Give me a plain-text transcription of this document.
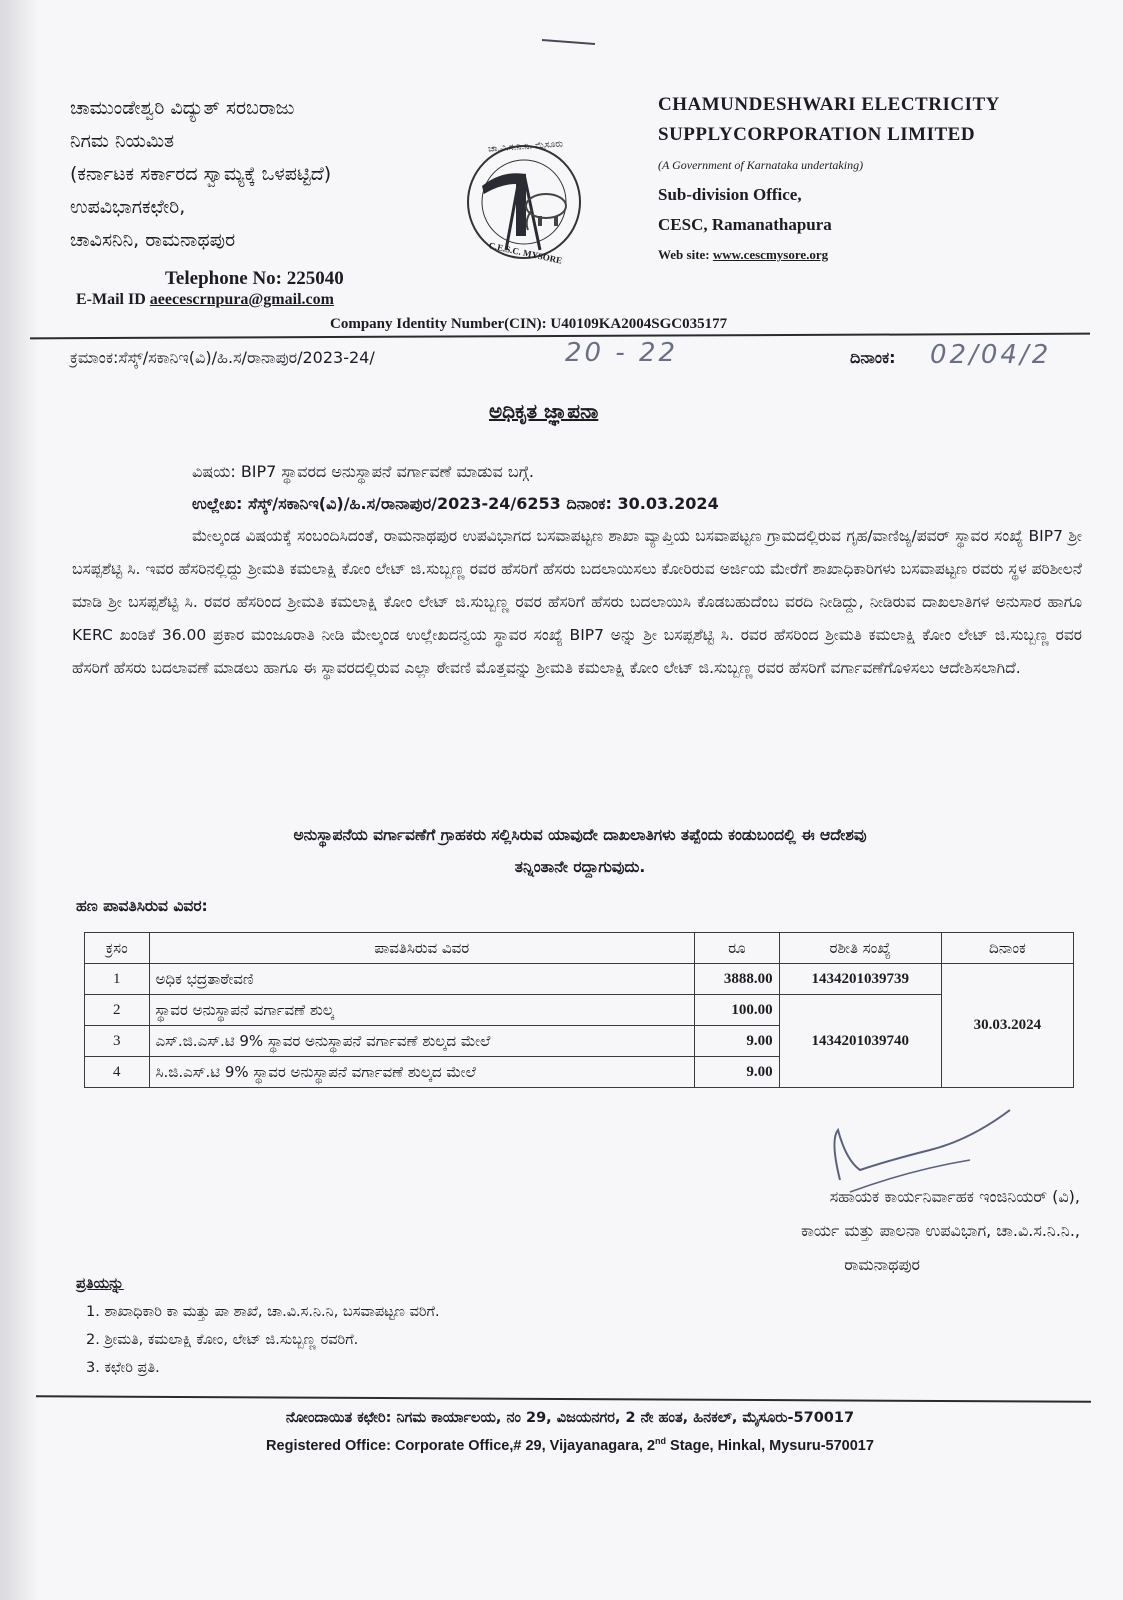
ಚಾಮುಂಡೇಶ್ವರಿ ವಿದ್ಯುತ್ ಸರಬರಾಜು
ನಿಗಮ ನಿಯಮಿತ
(ಕರ್ನಾಟಕ ಸರ್ಕಾರದ ಸ್ವಾಮ್ಯಕ್ಕೆ ಒಳಪಟ್ಟಿದೆ)
ಉಪವಿಭಾಗಕಛೇರಿ,
ಚಾವಿಸನಿನಿ, ರಾಮನಾಥಪುರ
Telephone No: 225040
E-Mail ID aeecescrnpura@gmail.com
ಚಾ.ವಿ.ಸ.ನಿ.ನಿ. ಮೈಸೂರು
C.E.S.C. MYSORE
CHAMUNDESHWARI ELECTRICITY
SUPPLYCORPORATION LIMITED
(A Government of Karnataka undertaking)
Sub-division Office,
CESC, Ramanathapura
Web site: www.cescmysore.org
Company Identity Number(CIN): U40109KA2004SGC035177
ಕ್ರಮಾಂಕ:ಸೆಸ್ಕ್/ಸಕಾನಿಇ(ವಿ)/ಹಿ.ಸ/ರಾನಾಪುರ/2023-24/	20 - 22	ದಿನಾಂಕ: 02/04/2
ಅಧಿಕೃತ ಜ್ಞಾಪನಾ
ವಿಷಯ: BIP7 ಸ್ಥಾವರದ ಅನುಸ್ಥಾಪನೆ ವರ್ಗಾವಣೆ ಮಾಡುವ ಬಗ್ಗೆ.
ಉಲ್ಲೇಖ: ಸೆಸ್ಕ್/ಸಕಾನಿಇ(ವಿ)/ಹಿ.ಸ/ರಾನಾಪುರ/2023-24/6253 ದಿನಾಂಕ: 30.03.2024
ಮೇಲ್ಕಂಡ ವಿಷಯಕ್ಕೆ ಸಂಬಂದಿಸಿದಂತೆ, ರಾಮನಾಥಪುರ ಉಪವಿಭಾಗದ ಬಸವಾಪಟ್ಟಣ ಶಾಖಾ ವ್ಯಾಪ್ತಿಯ ಬಸವಾಪಟ್ಟಣ ಗ್ರಾಮದಲ್ಲಿರುವ ಗೃಹ/ವಾಣಿಜ್ಯ/ಪವರ್ ಸ್ಥಾವರ ಸಂಖ್ಯೆ BIP7 ಶ್ರೀ ಬಸಪ್ಪಶೆಟ್ಟಿ ಸಿ. ಇವರ ಹೆಸರಿನಲ್ಲಿದ್ದು ಶ್ರೀಮತಿ ಕಮಲಾಕ್ಷಿ ಕೋಂ ಲೇಟ್ ಜಿ.ಸುಬ್ಬಣ್ಣ ರವರ ಹೆಸರಿಗೆ ಹೆಸರು ಬದಲಾಯಿಸಲು ಕೋರಿರುವ ಅರ್ಜಿಯ ಮೇರೆಗೆ ಶಾಖಾಧಿಕಾರಿಗಳು ಬಸವಾಪಟ್ಟಣ ರವರು ಸ್ಥಳ ಪರಿಶೀಲನೆ ಮಾಡಿ ಶ್ರೀ ಬಸಪ್ಪಶೆಟ್ಟಿ ಸಿ. ರವರ ಹೆಸರಿಂದ ಶ್ರೀಮತಿ ಕಮಲಾಕ್ಷಿ ಕೋಂ ಲೇಟ್ ಜಿ.ಸುಬ್ಬಣ್ಣ ರವರ ಹೆಸರಿಗೆ ಹೆಸರು ಬದಲಾಯಿಸಿ ಕೊಡಬಹುದೆಂಬ ವರದಿ ನೀಡಿದ್ದು, ನೀಡಿರುವ ದಾಖಲಾತಿಗಳ ಅನುಸಾರ ಹಾಗೂ KERC ಖಂಡಿಕೆ 36.00 ಪ್ರಕಾರ ಮಂಜೂರಾತಿ ನೀಡಿ ಮೇಲ್ಕಂಡ ಉಲ್ಲೇಖದನ್ವಯ ಸ್ಥಾವರ ಸಂಖ್ಯೆ BIP7 ಅನ್ನು ಶ್ರೀ ಬಸಪ್ಪಶೆಟ್ಟಿ ಸಿ. ರವರ ಹೆಸರಿಂದ ಶ್ರೀಮತಿ ಕಮಲಾಕ್ಷಿ ಕೋಂ ಲೇಟ್ ಜಿ.ಸುಬ್ಬಣ್ಣ ರವರ ಹೆಸರಿಗೆ ಹೆಸರು ಬದಲಾವಣೆ ಮಾಡಲು ಹಾಗೂ ಈ ಸ್ಥಾವರದಲ್ಲಿರುವ ಎಲ್ಲಾ ಠೇವಣಿ ಮೊತ್ತವನ್ನು ಶ್ರೀಮತಿ ಕಮಲಾಕ್ಷಿ ಕೋಂ ಲೇಟ್ ಜಿ.ಸುಬ್ಬಣ್ಣ ರವರ ಹೆಸರಿಗೆ ವರ್ಗಾವಣೆಗೊಳಿಸಲು ಆದೇಶಿಸಲಾಗಿದೆ.
ಅನುಸ್ಥಾಪನೆಯ ವರ್ಗಾವಣೆಗೆ ಗ್ರಾಹಕರು ಸಲ್ಲಿಸಿರುವ ಯಾವುದೇ ದಾಖಲಾತಿಗಳು ತಪ್ಪೆಂದು ಕಂಡುಬಂದಲ್ಲಿ ಈ ಆದೇಶವು
ತನ್ನಿಂತಾನೇ ರದ್ದಾಗುವುದು.
ಹಣ ಪಾವತಿಸಿರುವ ವಿವರ:
ಕ್ರಸಂ	ಪಾವತಿಸಿರುವ ವಿವರ	ರೂ	ರಶೀತಿ ಸಂಖ್ಯೆ	ದಿನಾಂಕ
1	ಅಧಿಕ ಭದ್ರತಾಠೇವಣಿ	3888.00	1434201039739	30.03.2024
2	ಸ್ಥಾವರ ಅನುಸ್ಥಾಪನೆ ವರ್ಗಾವಣೆ ಶುಲ್ಕ	100.00	1434201039740	
3	ಎಸ್.ಜಿ.ಎಸ್.ಟಿ 9% ಸ್ಥಾವರ ಅನುಸ್ಥಾಪನೆ ವರ್ಗಾವಣೆ ಶುಲ್ಕದ ಮೇಲೆ	9.00		
4	ಸಿ.ಜಿ.ಎಸ್.ಟಿ 9% ಸ್ಥಾವರ ಅನುಸ್ಥಾಪನೆ ವರ್ಗಾವಣೆ ಶುಲ್ಕದ ಮೇಲೆ	9.00		
ಸಹಾಯಕ ಕಾರ್ಯನಿರ್ವಾಹಕ ಇಂಜಿನಿಯರ್ (ವಿ),
ಕಾರ್ಯ ಮತ್ತು ಪಾಲನಾ ಉಪವಿಭಾಗ, ಚಾ.ವಿ.ಸ.ನಿ.ನಿ.,
ರಾಮನಾಥಪುರ
ಪ್ರತಿಯನ್ನು
1. ಶಾಖಾಧಿಕಾರಿ ಕಾ ಮತ್ತು ಪಾ ಶಾಖೆ, ಚಾ.ವಿ.ಸ.ನಿ.ನಿ, ಬಸವಾಪಟ್ಟಣ ವರಿಗೆ.
2. ಶ್ರೀಮತಿ, ಕಮಲಾಕ್ಷಿ ಕೋಂ, ಲೇಟ್ ಜಿ.ಸುಬ್ಬಣ್ಣ ರವರಿಗೆ.
3. ಕಛೇರಿ ಪ್ರತಿ.
ನೋಂದಾಯಿತ ಕಛೇರಿ: ನಿಗಮ ಕಾರ್ಯಾಲಯ, ನಂ 29, ವಿಜಯನಗರ, 2 ನೇ ಹಂತ, ಹಿನಕಲ್, ಮೈಸೂರು-570017
Registered Office: Corporate Office,# 29, Vijayanagara, 2nd Stage, Hinkal, Mysuru-570017
